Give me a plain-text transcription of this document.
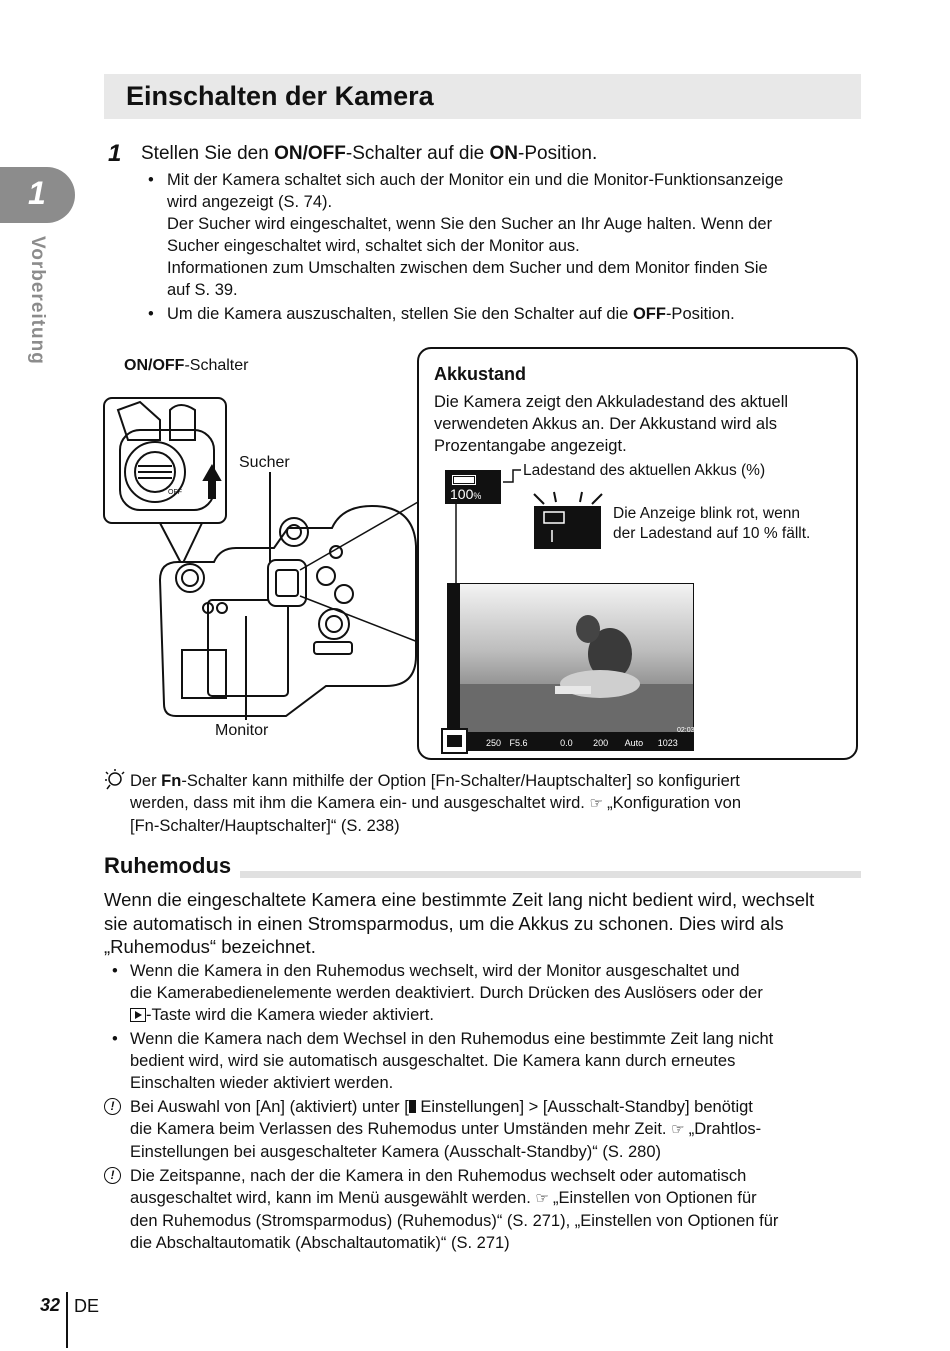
Einschalten der Kamera
1
Vorbereitung
1 Stellen Sie den ON/OFF-Schalter auf die ON-Position.
• Mit der Kamera schaltet sich auch der Monitor ein und die Monitor-Funktionsanzeige
wird angezeigt (S. 74).
Der Sucher wird eingeschaltet, wenn Sie den Sucher an Ihr Auge halten. Wenn der
Sucher eingeschaltet wird, schaltet sich der Monitor aus.
Informationen zum Umschalten zwischen dem Sucher und dem Monitor finden Sie
auf S. 39.
• Um die Kamera auszuschalten, stellen Sie den Schalter auf die OFF-Position.
ON/OFF-Schalter
Sucher
Monitor
OFF
Akkustand
Die Kamera zeigt den Akkuladestand des aktuell
verwendeten Akkus an. Der Akkustand wird als
Prozentangabe angezeigt.
100%
Ladestand des aktuellen Akkus (%)
Die Anzeige blink rot, wenn
der Ladestand auf 10 % fällt.
250 F5.6	0.0 200 Auto 1023
02:03
Der Fn-Schalter kann mithilfe der Option [Fn-Schalter/Hauptschalter] so konfiguriert
werden, dass mit ihm die Kamera ein- und ausgeschaltet wird. ☞ „Konfiguration von
[Fn-Schalter/Hauptschalter]“ (S. 238)
Ruhemodus
Wenn die eingeschaltete Kamera eine bestimmte Zeit lang nicht bedient wird, wechselt
sie automatisch in einen Stromsparmodus, um die Akkus zu schonen. Dies wird als
„Ruhemodus“ bezeichnet.
• Wenn die Kamera in den Ruhemodus wechselt, wird der Monitor ausgeschaltet und
die Kamerabedienelemente werden deaktiviert. Durch Drücken des Auslösers oder der
-Taste wird die Kamera wieder aktiviert.
• Wenn die Kamera nach dem Wechsel in den Ruhemodus eine bestimmte Zeit lang nicht
bedient wird, wird sie automatisch ausgeschaltet. Die Kamera kann durch erneutes
Einschalten wieder aktiviert werden.
! Bei Auswahl von [An] (aktiviert) unter [ Einstellungen] > [Ausschalt-Standby] benötigt
die Kamera beim Verlassen des Ruhemodus unter Umständen mehr Zeit. ☞ „Drahtlos-
Einstellungen bei ausgeschalteter Kamera (Ausschalt-Standby)“ (S. 280)
! Die Zeitspanne, nach der die Kamera in den Ruhemodus wechselt oder automatisch
ausgeschaltet wird, kann im Menü ausgewählt werden. ☞ „Einstellen von Optionen für
den Ruhemodus (Stromsparmodus) (Ruhemodus)“ (S. 271), „Einstellen von Optionen für
die Abschaltautomatik (Abschaltautomatik)“ (S. 271)
32 DE
